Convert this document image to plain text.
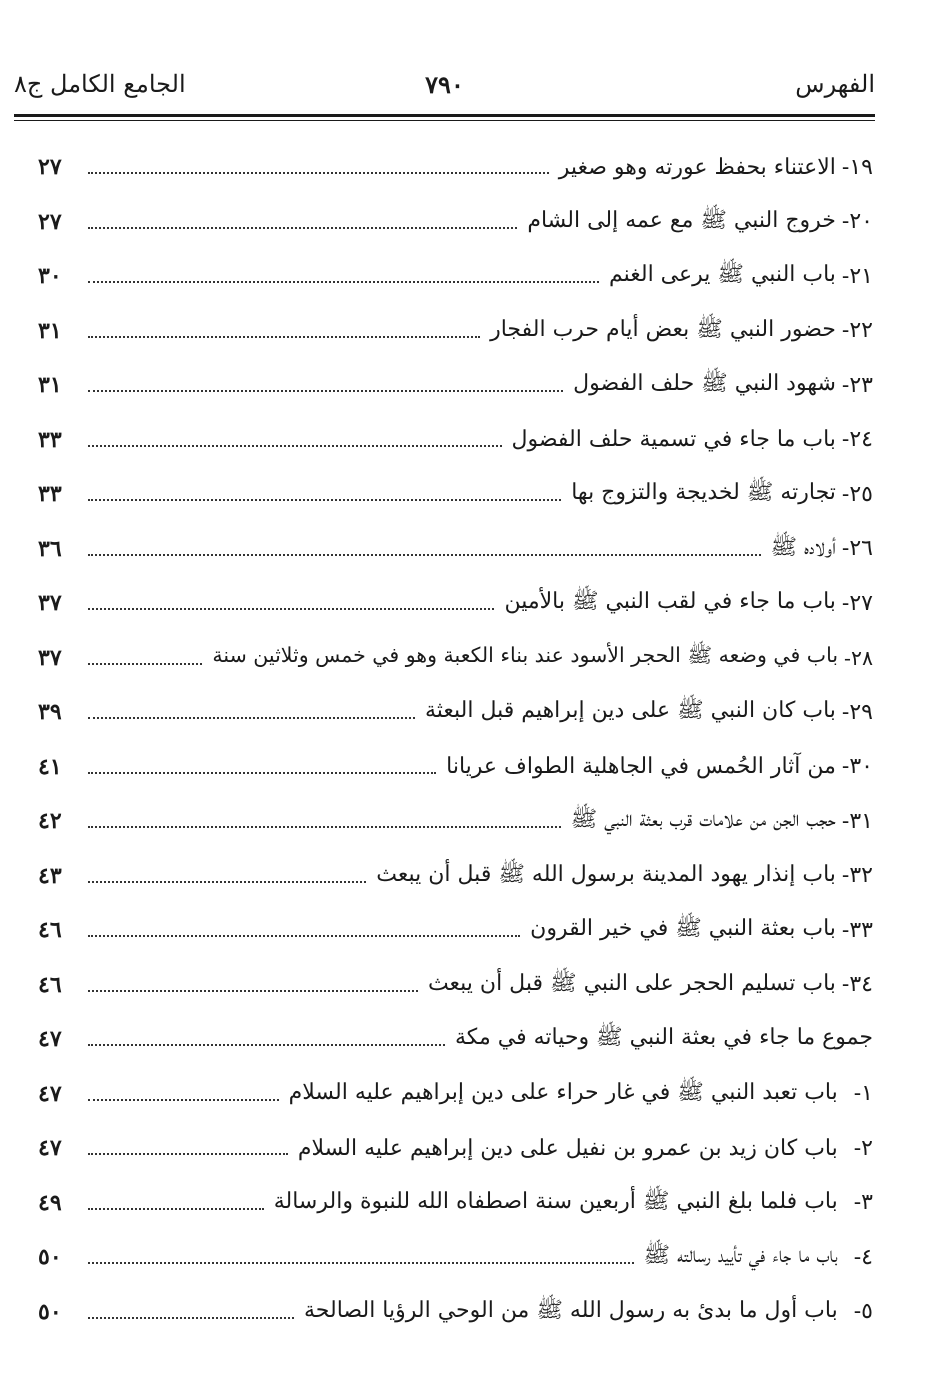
الفهرس
٧٩٠
الجامع الكامل ج٨
١٩-
الاعتناء بحفظ عورته وهو صغير
٢٧
٢٠-
خروج النبي ﷺ مع عمه إلى الشام
٢٧
٢١-
باب النبي ﷺ يرعى الغنم
٣٠
٢٢-
حضور النبي ﷺ بعض أيام حرب الفجار
٣١
٢٣-
شهود النبي ﷺ حلف الفضول
٣١
٢٤-
باب ما جاء في تسمية حلف الفضول
٣٣
٢٥-
تجارته ﷺ لخديجة والتزوج بها
٣٣
٢٦-
أولاده ﷺ
٣٦
٢٧-
باب ما جاء في لقب النبي ﷺ بالأمين
٣٧
٢٨-
باب في وضعه ﷺ الحجر الأسود عند بناء الكعبة وهو في خمس وثلاثين سنة
٣٧
٢٩-
باب كان النبي ﷺ على دين إبراهيم قبل البعثة
٣٩
٣٠-
من آثار الحُمس في الجاهلية الطواف عريانا
٤١
٣١-
حجب الجن من علامات قرب بعثة النبي ﷺ
٤٢
٣٢-
باب إنذار يهود المدينة برسول الله ﷺ قبل أن يبعث
٤٣
٣٣-
باب بعثة النبي ﷺ في خير القرون
٤٦
٣٤-
باب تسليم الحجر على النبي ﷺ قبل أن يبعث
٤٦
جموع ما جاء في بعثة النبي ﷺ وحياته في مكة
٤٧
١-
باب تعبد النبي ﷺ في غار حراء على دين إبراهيم عليه السلام
٤٧
٢-
باب كان زيد بن عمرو بن نفيل على دين إبراهيم عليه السلام
٤٧
٣-
باب فلما بلغ النبي ﷺ أربعين سنة اصطفاه الله للنبوة والرسالة
٤٩
٤-
باب ما جاء في تأييد رسالته ﷺ
٥٠
٥-
باب أول ما بدئ به رسول الله ﷺ من الوحي الرؤيا الصالحة
٥٠
